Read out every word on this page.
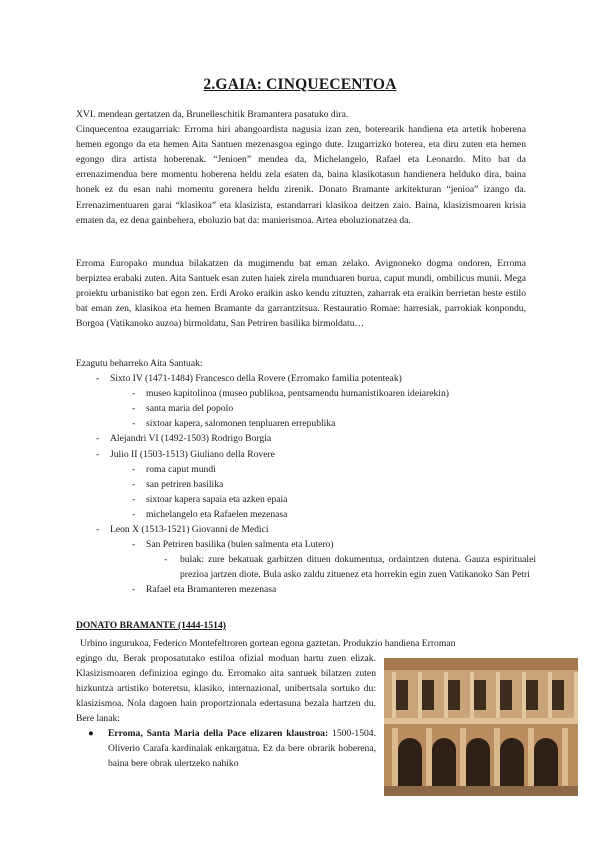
2.GAIA: CINQUECENTOA

XVI. mendean gertatzen da, Brunelleschitik Bramantera pasatuko dira.

Cinquecentoa ezaugarriak: Erroma hiri abangoardista nagusia izan zen, boterearik handiena eta artetik hoberena hemen egongo da eta hemen Aita Santuen mezenasgoa egingo dute. Izugarrizko boterea, eta diru zuten eta hemen egongo dira artista hoberenak. “Jenioen” mendea da, Michelangelo, Rafael eta Leonardo. Mito bat da errenazimendua bere momentu hoberena heldu zela esaten da, baina klasikotasun handienera helduko dira, baina honek ez du esan nahi momentu gorenera heldu zirenik. Donato Bramante arkitekturan “jenioa” izango da. Errenazimentuaren garai “klasikoa” eta klasizista, estandarrari klasikoa deitzen zaio. Baina, klasizismoaren krisia ematen da, ez dena gainbehera, eboluzio bat da: manierismoa. Artea eboluzionatzea da.

Erroma Europako mundua bilakatzen da mugimendu bat eman zelako. Avignoneko dogma ondoren, Erroma berpiztea erabaki zuten. Aita Santuek esan zuten haiek zirela munduaren burua, caput mundi, ombilicus munii. Mega proiektu urbanistiko bat egon zen. Erdi Aroko eraikin asko kendu zituzten, zaharrak eta eraikin berrietan beste estilo bat eman zen, klasikoa eta hemen Bramante da garrantzitsua. Restauratio Romae: harresiak, parrokiak konpondu, Borgoa (Vatikanoko auzoa) birmoldatu, San Petriren basilika birmoldatu…

Ezagutu beharreko Aita Santuak:
- Sixto IV (1471-1484) Francesco della Rovere (Erromako familia potenteak)
- museo kapitolinoa (museo publikoa, pentsamendu humanistikoaren ideiarekin)
- santa maria del popolo
- sixtoar kapera, salomonen tenpluaren errepublika
- Alejandri VI (1492-1503) Rodrigo Borgia
- Julio II (1503-1513) Giuliano della Rovere
- roma caput mundi
- san petriren basilika
- sixtoar kapera sapaia eta azken epaia
- michelangelo eta Rafaelen mezenasa
- Leon X (1513-1521) Giovanni de Medici
- San Petriren basilika (bulen salmenta eta Lutero)
- bulak: zure bekatuak garbitzen dituen dokumentua, ordaintzen dutena. Gauza espiritualei prezioa jartzen diote. Bula asko zaldu zituenez eta horrekin egin zuen Vatikanoko San Petri
- Rafael eta Bramanteren mezenasa
DONATO BRAMANTE (1444-1514)
Urbino ingurukoa, Federico Montefeltroren gortean egona gaztetan. Produkzio handiena Erroman
egingo du, Berak proposatutako estiloa ofizial moduan hartu zuen elizak. Klasizismoaren definizioa egingo du. Erromako aita santuek bilatzen zuten hizkuntza artistiko boteretsu, klasiko, internazional, unibertsala sortuko du: klasizismoa. Nola dagoen hain proportzionala edertasuna bezala hartzen du. Bere lanak:
●	Erroma, Santa Maria della Pace elizaren klaustroa: 1500-1504. Oliverio Carafa kardinalak enkargatua. Ez da bere obrarik hoberena, baina bere obrak ulertzeko nahiko
